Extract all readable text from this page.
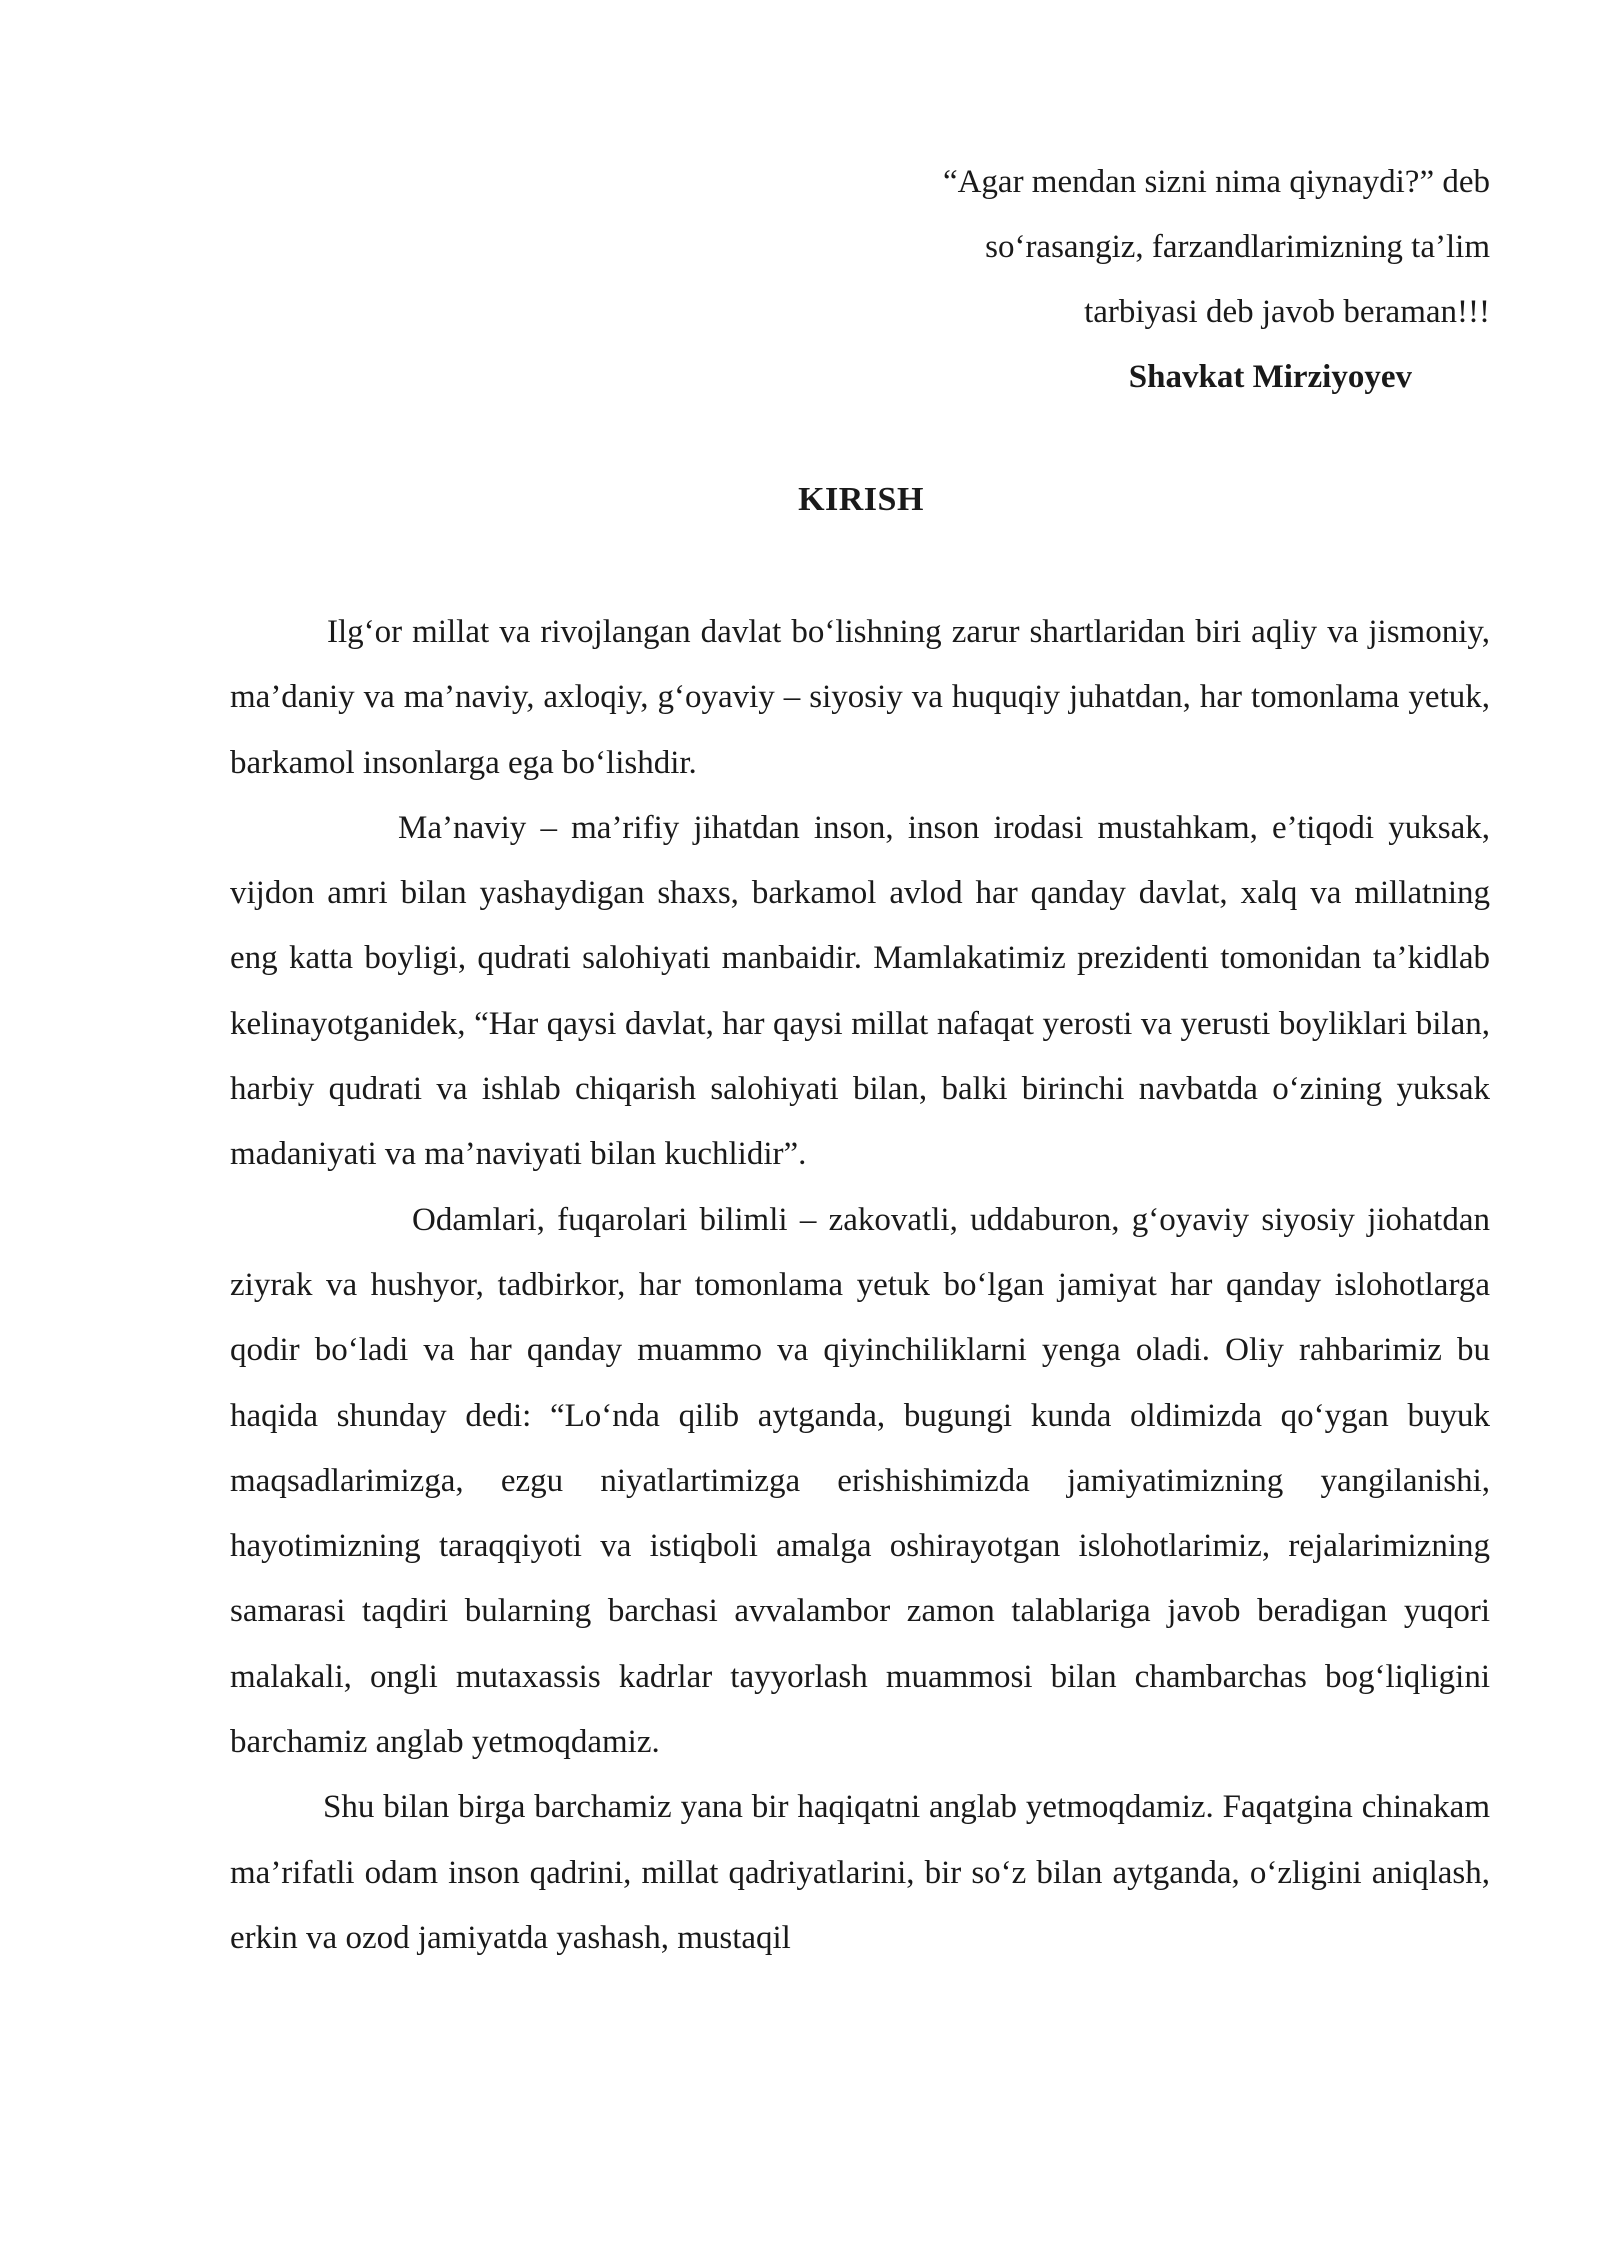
“Agar mendan sizni nima qiynaydi?” deb
so‘rasangiz, farzandlarimizning ta’lim
tarbiyasi deb javob beraman!!!
Shavkat Mirziyoyev
KIRISH

Ilg‘or millat va rivojlangan davlat bo‘lishning zarur shartlaridan biri aqliy va jismoniy, ma’daniy va ma’naviy, axloqiy, g‘oyaviy – siyosiy va huquqiy juhatdan, har tomonlama yetuk, barkamol insonlarga ega bo‘lishdir.

Ma’naviy – ma’rifiy jihatdan inson, inson irodasi mustahkam, e’tiqodi yuksak, vijdon amri bilan yashaydigan shaxs, barkamol avlod har qanday davlat, xalq va millatning eng katta boyligi, qudrati salohiyati manbaidir. Mamlakatimiz prezidenti tomonidan ta’kidlab kelinayotganidek, “Har qaysi davlat, har qaysi millat nafaqat yerosti va yerusti boyliklari bilan, harbiy qudrati va ishlab chiqarish salohiyati bilan, balki birinchi navbatda o‘zining yuksak madaniyati va ma’naviyati bilan kuchlidir”.

Odamlari, fuqarolari bilimli – zakovatli, uddaburon, g‘oyaviy siyosiy jiohatdan ziyrak va hushyor, tadbirkor, har tomonlama yetuk bo‘lgan jamiyat har qanday islohotlarga qodir bo‘ladi va har qanday muammo va qiyinchiliklarni yenga oladi. Oliy rahbarimiz bu haqida shunday dedi: “Lo‘nda qilib aytganda, bugungi kunda oldimizda qo‘ygan buyuk maqsadlarimizga, ezgu niyatlartimizga erishishimizda jamiyatimizning yangilanishi, hayotimizning taraqqiyoti va istiqboli amalga oshirayotgan islohotlarimiz, rejalarimizning samarasi taqdiri bularning barchasi avvalambor zamon talablariga javob beradigan yuqori malakali, ongli mutaxassis kadrlar tayyorlash muammosi bilan chambarchas bog‘liqligini barchamiz anglab yetmoqdamiz.

Shu bilan birga barchamiz yana bir haqiqatni anglab yetmoqdamiz. Faqatgina chinakam ma’rifatli odam inson qadrini, millat qadriyatlarini, bir so‘z bilan aytganda, o‘zligini aniqlash, erkin va ozod jamiyatda yashash, mustaqil
